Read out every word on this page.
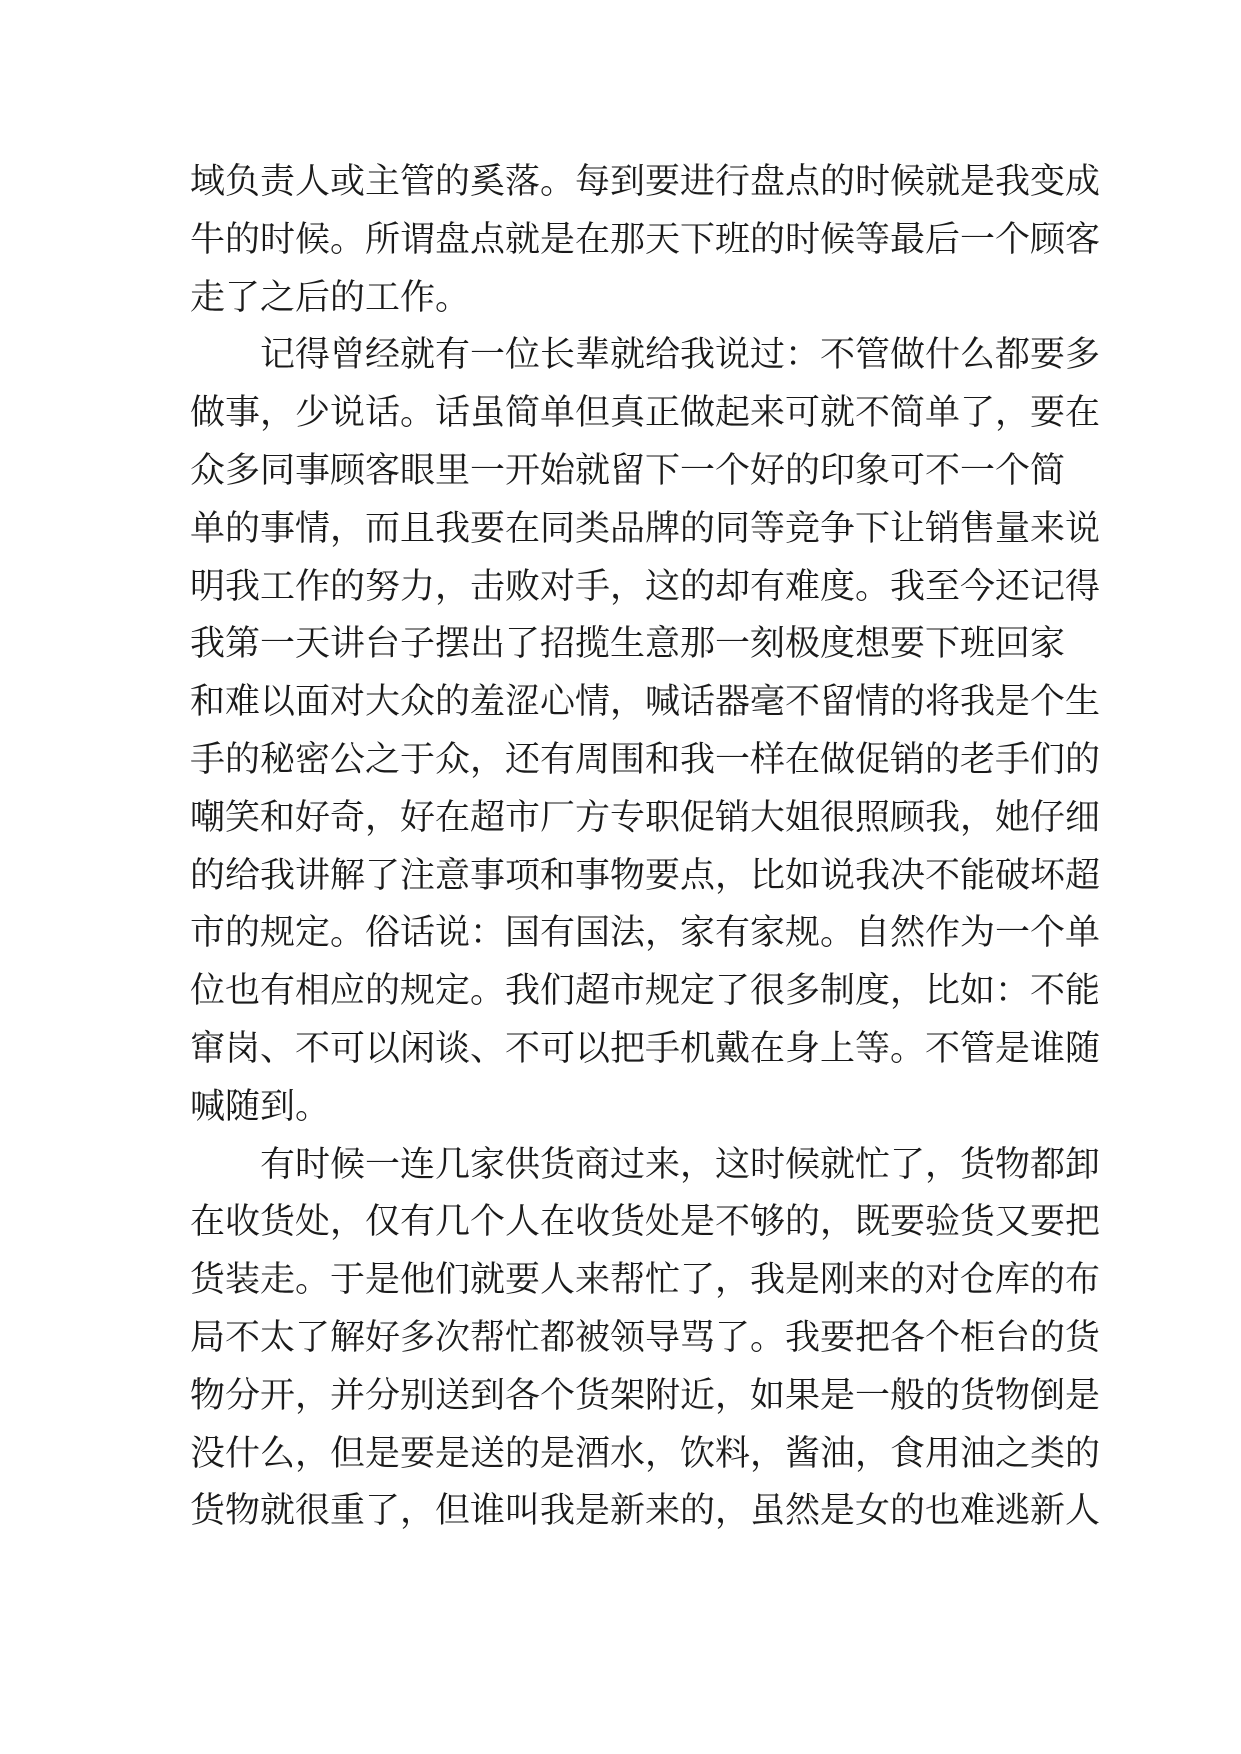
域负责人或主管的奚落。每到要进行盘点的时候就是我变成
牛的时候。所谓盘点就是在那天下班的时候等最后一个顾客
走了之后的工作。
　　记得曾经就有一位长辈就给我说过：不管做什么都要多
做事，少说话。话虽简单但真正做起来可就不简单了，要在
众多同事顾客眼里一开始就留下一个好的印象可不一个简
单的事情，而且我要在同类品牌的同等竞争下让销售量来说
明我工作的努力，击败对手，这的却有难度。我至今还记得
我第一天讲台子摆出了招揽生意那一刻极度想要下班回家
和难以面对大众的羞涩心情，喊话器毫不留情的将我是个生
手的秘密公之于众，还有周围和我一样在做促销的老手们的
嘲笑和好奇，好在超市厂方专职促销大姐很照顾我，她仔细
的给我讲解了注意事项和事物要点，比如说我决不能破坏超
市的规定。俗话说：国有国法，家有家规。自然作为一个单
位也有相应的规定。我们超市规定了很多制度，比如：不能
窜岗、不可以闲谈、不可以把手机戴在身上等。不管是谁随
喊随到。
　　有时候一连几家供货商过来，这时候就忙了，货物都卸
在收货处，仅有几个人在收货处是不够的，既要验货又要把
货装走。于是他们就要人来帮忙了，我是刚来的对仓库的布
局不太了解好多次帮忙都被领导骂了。我要把各个柜台的货
物分开，并分别送到各个货架附近，如果是一般的货物倒是
没什么，但是要是送的是酒水，饮料，酱油，食用油之类的
货物就很重了，但谁叫我是新来的，虽然是女的也难逃新人
